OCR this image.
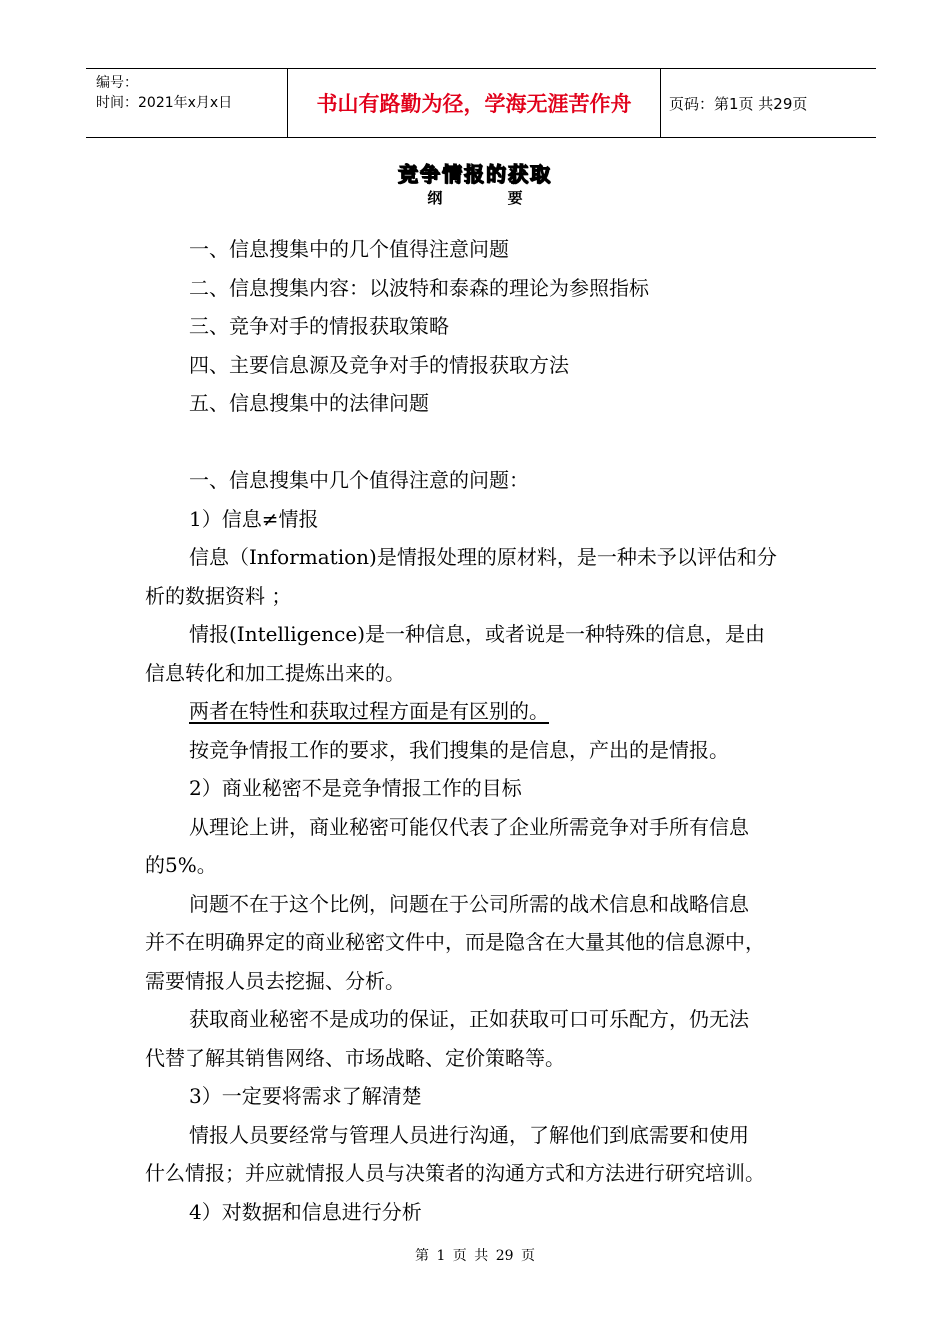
编号：
时间：2021年x月x日	书山有路勤为径，学海无涯苦作舟	页码：第1页 共29页
竞争情报的获取
纲 要
一、信息搜集中的几个值得注意问题
二、信息搜集内容：以波特和泰森的理论为参照指标
三、竞争对手的情报获取策略
四、主要信息源及竞争对手的情报获取方法
五、信息搜集中的法律问题
一、信息搜集中几个值得注意的问题：
1）信息≠情报
信息（Information)是情报处理的原材料，是一种未予以评估和分
析的数据资料 ；
情报(Intelligence)是一种信息，或者说是一种特殊的信息，是由
信息转化和加工提炼出来的。
两者在特性和获取过程方面是有区别的。
按竞争情报工作的要求，我们搜集的是信息，产出的是情报。
2）商业秘密不是竞争情报工作的目标
从理论上讲，商业秘密可能仅代表了企业所需竞争对手所有信息
的5%。
问题不在于这个比例，问题在于公司所需的战术信息和战略信息
并不在明确界定的商业秘密文件中，而是隐含在大量其他的信息源中，
需要情报人员去挖掘、分析。
获取商业秘密不是成功的保证，正如获取可口可乐配方，仍无法
代替了解其销售网络、市场战略、定价策略等。
3）一定要将需求了解清楚
情报人员要经常与管理人员进行沟通，了解他们到底需要和使用
什么情报；并应就情报人员与决策者的沟通方式和方法进行研究培训。
4）对数据和信息进行分析
第 1 页 共 29 页
